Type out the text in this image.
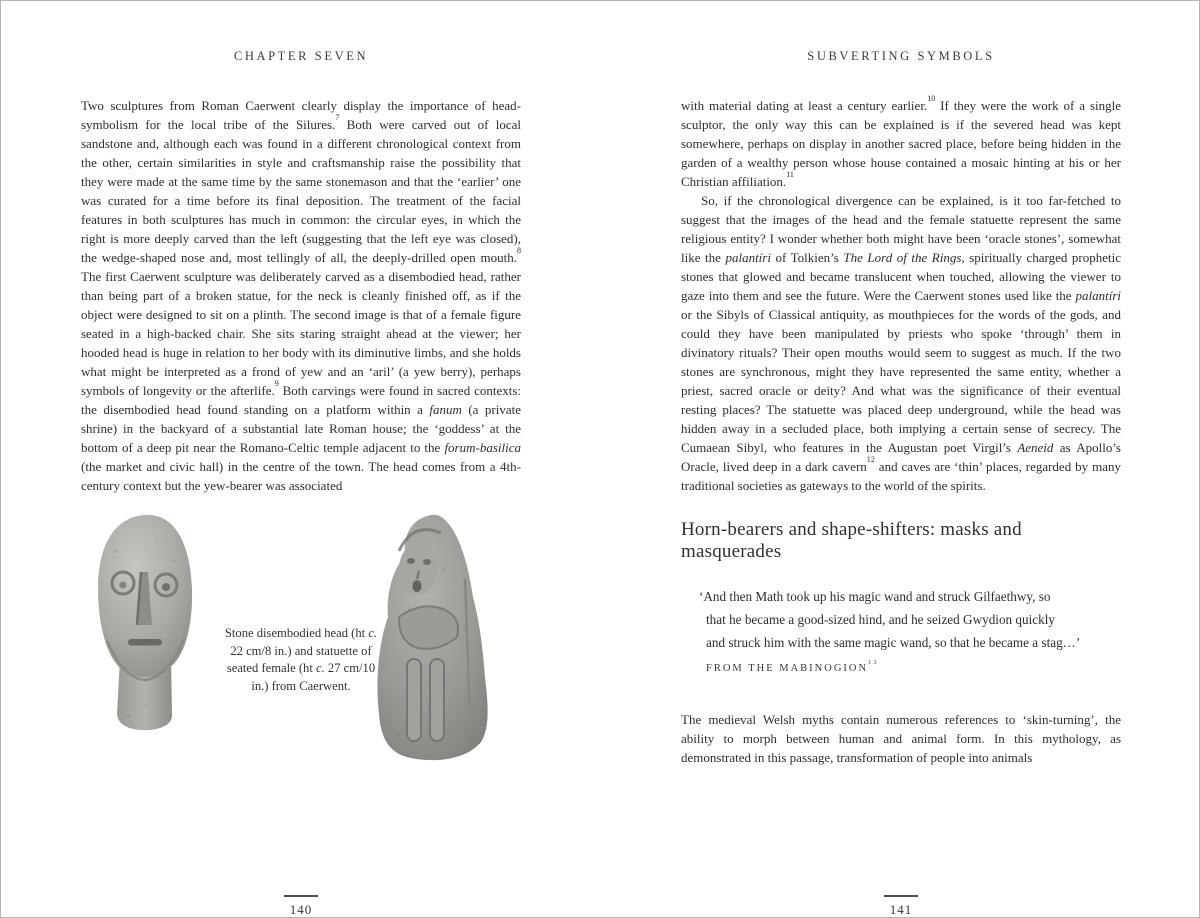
CHAPTER SEVEN
Two sculptures from Roman Caerwent clearly display the importance of head-symbolism for the local tribe of the Silures.$^7$ Both were carved out of local sandstone and, although each was found in a different chronological context from the other, certain similarities in style and craftsmanship raise the possibility that they were made at the same time by the same stonemason and that the ‘earlier’ one was curated for a time before its final deposition. The treatment of the facial features in both sculptures has much in common: the circular eyes, in which the right is more deeply carved than the left (suggesting that the left eye was closed), the wedge-shaped nose and, most tellingly of all, the deeply-drilled open mouth.$^8$ The first Caerwent sculpture was deliberately carved as a disembodied head, rather than being part of a broken statue, for the neck is cleanly finished off, as if the object were designed to sit on a plinth. The second image is that of a female figure seated in a high-backed chair. She sits staring straight ahead at the viewer; her hooded head is huge in relation to her body with its diminutive limbs, and she holds what might be interpreted as a frond of yew and an ‘aril’ (a yew berry), perhaps symbols of longevity or the afterlife.$^9$ Both carvings were found in sacred contexts: the disembodied head found standing on a platform within a fanum (a private shrine) in the backyard of a substantial late Roman house; the ‘goddess’ at the bottom of a deep pit near the Romano-Celtic temple adjacent to the forum-basilica (the market and civic hall) in the centre of the town. The head comes from a 4th-century context but the yew-bearer was associated
Stone disembodied head (ht c. 22 cm/8 in.) and statuette of seated female (ht c. 27 cm/10 in.) from Caerwent.
140
SUBVERTING SYMBOLS

with material dating at least a century earlier.$^{10}$ If they were the work of a single sculptor, the only way this can be explained is if the severed head was kept somewhere, perhaps on display in another sacred place, before being hidden in the garden of a wealthy person whose house contained a mosaic hinting at his or her Christian affiliation.$^{11}$

So, if the chronological divergence can be explained, is it too far-fetched to suggest that the images of the head and the female statuette represent the same religious entity? I wonder whether both might have been ‘oracle stones’, somewhat like the palantíri of Tolkien’s The Lord of the Rings, spiritually charged prophetic stones that glowed and became translucent when touched, allowing the viewer to gaze into them and see the future. Were the Caerwent stones used like the palantíri or the Sibyls of Classical antiquity, as mouthpieces for the words of the gods, and could they have been manipulated by priests who spoke ‘through’ them in divinatory rituals? Their open mouths would seem to suggest as much. If the two stones are synchronous, might they have represented the same entity, whether a priest, sacred oracle or deity? And what was the significance of their eventual resting places? The statuette was placed deep underground, while the head was hidden away in a secluded place, both implying a certain sense of secrecy. The Cumaean Sibyl, who features in the Augustan poet Virgil’s Aeneid as Apollo’s Oracle, lived deep in a dark cavern$^{12}$ and caves are ‘thin’ places, regarded by many traditional societies as gateways to the world of the spirits.

Horn-bearers and shape-shifters: masks and masquerades
‘And then Math took up his magic wand and struck Gilfaethwy, so
that he became a good-sized hind, and he seized Gwydion quickly
and struck him with the same magic wand, so that he became a stag…’
FROM THE MABINOGION$^{13}$

The medieval Welsh myths contain numerous references to ‘skin-turning’, the ability to morph between human and animal form. In this mythology, as demonstrated in this passage, transformation of people into animals

141
